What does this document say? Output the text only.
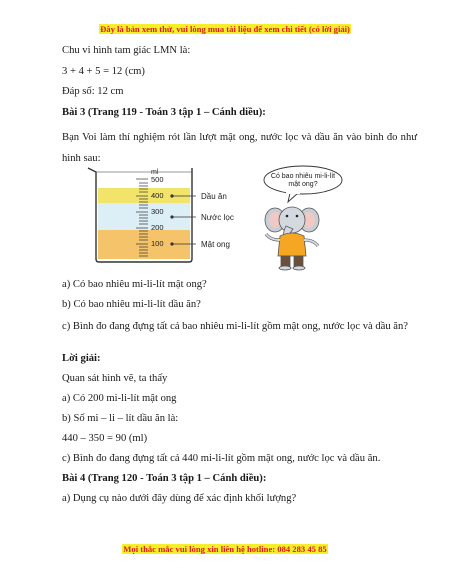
Đây là bản xem thử, vui lòng mua tài liệu để xem chi tiết (có lời giải)
Chu vi hình tam giác LMN là:
3 + 4 + 5 = 12 (cm)
Đáp số: 12 cm
Bài 3 (Trang 119 - Toán 3 tập 1 – Cánh diều):
Bạn Voi làm thí nghiệm rót lần lượt mật ong, nước lọc và dầu ăn vào bình đo như hình sau:
ml
500
400
300
200
100
Dầu ăn
Nước lọc
Mật ong
Có bao nhiêu mi-li-lít
mật ong?
a) Có bao nhiêu mi-li-lít mật ong?
b) Có bao nhiêu mi-li-lít dầu ăn?
c) Bình đo đang đựng tất cả bao nhiêu mi-li-lít gồm mật ong, nước lọc và dầu ăn?
Lời giải:
Quan sát hình vẽ, ta thấy
a) Có 200 mi-li-lít mật ong
b) Số mi – li – lít dầu ăn là:
440 – 350 = 90 (ml)
c) Bình đo đang đựng tất cả 440 mi-li-lít gồm mật ong, nước lọc và dầu ăn.
Bài 4 (Trang 120 - Toán 3 tập 1 – Cánh diều):
a) Dụng cụ nào dưới đây dùng để xác định khối lượng?
Mọi thắc mắc vui lòng xin liên hệ hotline: 084 283 45 85
